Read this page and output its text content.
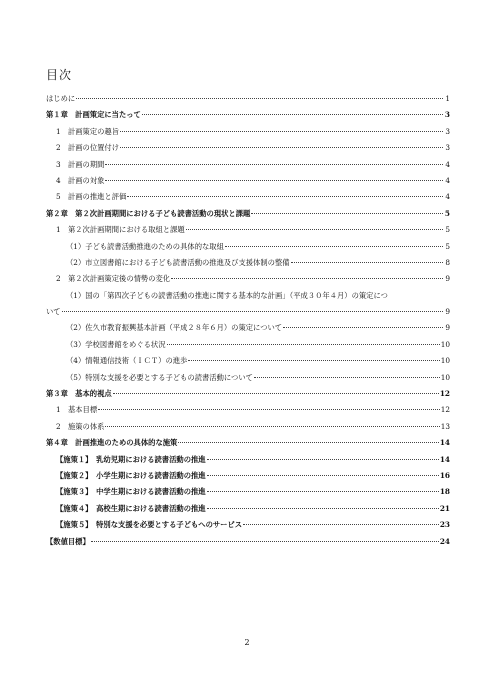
目次
はじめに	1
第１章　計画策定に当たって	3
1　計画策定の趣旨	3
2　計画の位置付け	3
3　計画の期間	4
4　計画の対象	4
5　計画の推進と評価	4
第２章　第２次計画期間における子ども読書活動の現状と課題	5
1　第２次計画期間における取組と課題	5
（1）子ども読書活動推進のための具体的な取組	5
（2）市立図書館における子ども読書活動の推進及び支援体制の整備	8
2　第２次計画策定後の情勢の変化	9
（1）国の「第四次子どもの読書活動の推進に関する基本的な計画」（平成３０年４月）の策定につ
いて	9
（2）佐久市教育振興基本計画（平成２８年６月）の策定について	9
（3）学校図書館をめぐる状況	10
（4）情報通信技術（ＩＣＴ）の進歩	10
（5）特別な支援を必要とする子どもの読書活動について	10
第３章　基本的視点	12
1　基本目標	12
2　施策の体系	13
第４章　計画推進のための具体的な施策	14
【施策１】　乳幼児期における読書活動の推進	14
【施策２】　小学生期における読書活動の推進	16
【施策３】　中学生期における読書活動の推進	18
【施策４】　高校生期における読書活動の推進	21
【施策５】　特別な支援を必要とする子どもへのサービス	23
【数値目標】	24
2
